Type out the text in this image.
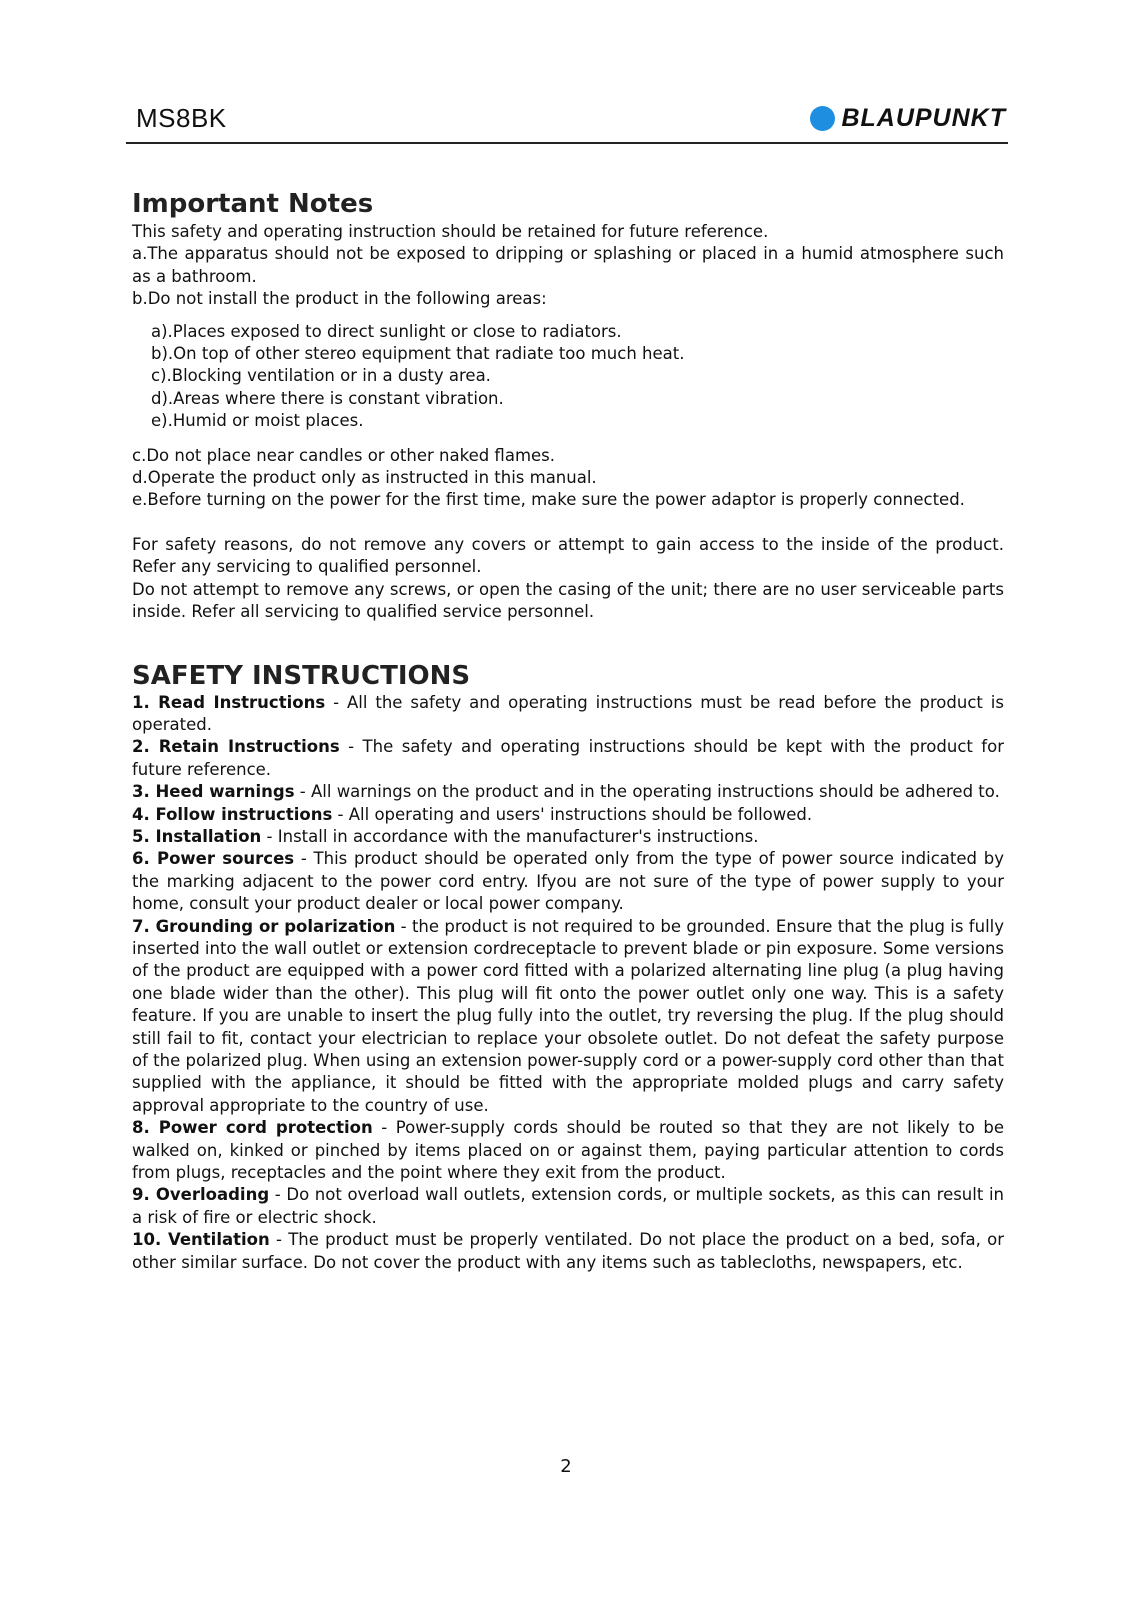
MS8BK	BLAUPUNKT
Important Notes

This safety and operating instruction should be retained for future reference.

a.The apparatus should not be exposed to dripping or splashing or placed in a humid atmosphere such as a bathroom.

b.Do not install the product in the following areas:

a).Places exposed to direct sunlight or close to radiators.

b).On top of other stereo equipment that radiate too much heat.

c).Blocking ventilation or in a dusty area.

d).Areas where there is constant vibration.

e).Humid or moist places.

c.Do not place near candles or other naked flames.

d.Operate the product only as instructed in this manual.

e.Before turning on the power for the first time, make sure the power adaptor is properly connected.

For safety reasons, do not remove any covers or attempt to gain access to the inside of the product. Refer any servicing to qualified personnel.

Do not attempt to remove any screws, or open the casing of the unit; there are no user serviceable parts inside. Refer all servicing to qualified service personnel.

SAFETY INSTRUCTIONS

1. Read Instructions - All the safety and operating instructions must be read before the product is operated.

2. Retain Instructions - The safety and operating instructions should be kept with the product for future reference.

3. Heed warnings - All warnings on the product and in the operating instructions should be adhered to.

4. Follow instructions - All operating and users' instructions should be followed.

5. Installation - Install in accordance with the manufacturer's instructions.

6. Power sources - This product should be operated only from the type of power source indicated by the marking adjacent to the power cord entry. Ifyou are not sure of the type of power supply to your home, consult your product dealer or local power company.

7. Grounding or polarization - the product is not required to be grounded. Ensure that the plug is fully inserted into the wall outlet or extension cordreceptacle to prevent blade or pin exposure. Some versions of the product are equipped with a power cord fitted with a polarized alternating line plug (a plug having one blade wider than the other). This plug will fit onto the power outlet only one way. This is a safety feature. If you are unable to insert the plug fully into the outlet, try reversing the plug. If the plug should still fail to fit, contact your electrician to replace your obsolete outlet. Do not defeat the safety purpose of the polarized plug. When using an extension power-supply cord or a power-supply cord other than that supplied with the appliance, it should be fitted with the appropriate molded plugs and carry safety approval appropriate to the country of use.

8. Power cord protection - Power-supply cords should be routed so that they are not likely to be walked on, kinked or pinched by items placed on or against them, paying particular attention to cords from plugs, receptacles and the point where they exit from the product.

9. Overloading - Do not overload wall outlets, extension cords, or multiple sockets, as this can result in a risk of fire or electric shock.

10. Ventilation - The product must be properly ventilated. Do not place the product on a bed, sofa, or other similar surface. Do not cover the product with any items such as tablecloths, newspapers, etc.

2
